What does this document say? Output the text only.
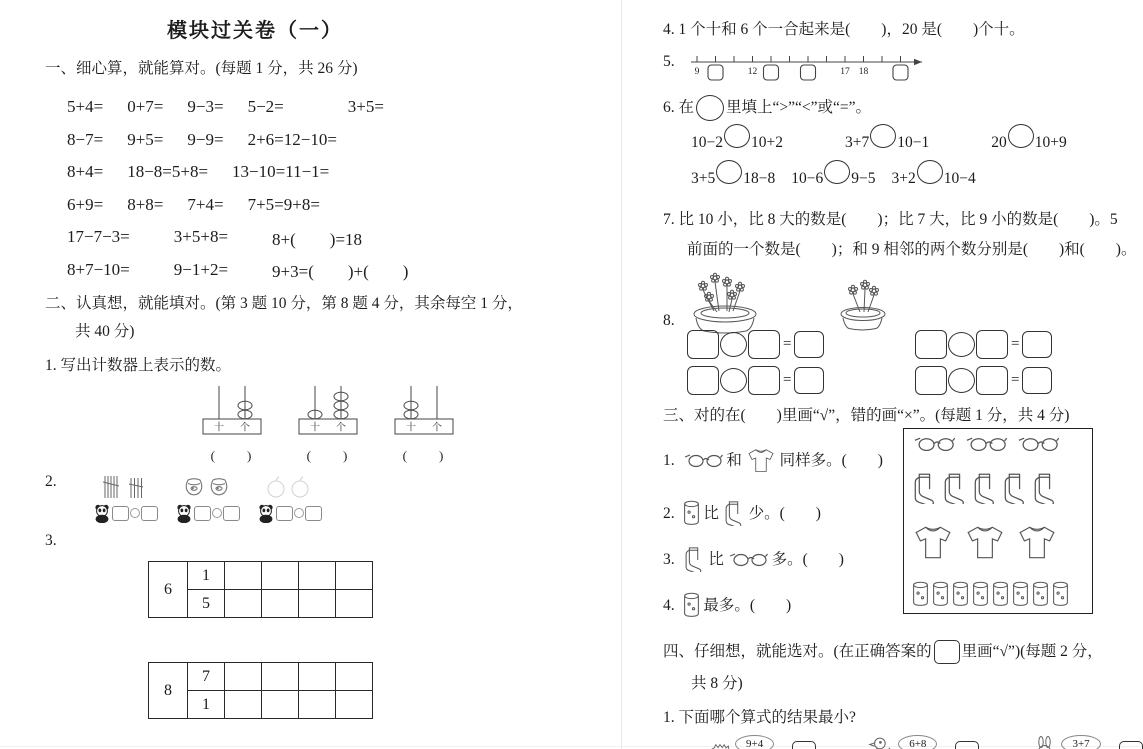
模块过关卷（一）
一、细心算，就能算对。(每题 1 分，共 26 分)
5+4= 0+7= 9−3= 5−2=	3+5=
8−7= 9+5= 9−9= 2+6=12−10=
8+4= 18−8=5+8= 13−10=11−1=
6+9= 8+8= 7+4= 7+5=9+8=
17−7−3=	3+5+8=	8+(　　)=18
8+7−10=	9−1+2=	9+3=(　　)+(　　)
二、认真想，就能填对。(第 3 题 10 分，第 8 题 4 分，其余每空 1 分，
共 40 分)
1. 写出计数器上表示的数。
十 个
(　　)
十 个
(　　)
十 个
(　　)
2.
3.
6	1				
	5				
8	7				
	1				
4. 1 个十和 6 个一合起来是(　　)，20 是(　　)个十。
5.
9	12	17 18
6. 在 里填上“>”“<”或“=”。
10−2 10+2	3+7 10−1	20 10+9
3+5 18−8 10−6 9−5 3+2 10−4
7. 比 10 小，比 8 大的数是(　　)；比 7 大，比 9 小的数是(　　)。5
前面的一个数是(　　)；和 9 相邻的两个数分别是(　　)和(　　)。
8.
=
=
=
=
三、对的在(　　)里画“√”，错的画“×”。(每题 1 分，共 4 分)
1.	和 同样多。(　　)
2. 比 少。(　　)
3. 比	多。(　　)
4. 最多。(　　)
四、仔细想，就能选对。(在正确答案的 里画“√”)(每题 2 分，
共 8 分)
1. 下面哪个算式的结果最小?
9+4	6+8	3+7
